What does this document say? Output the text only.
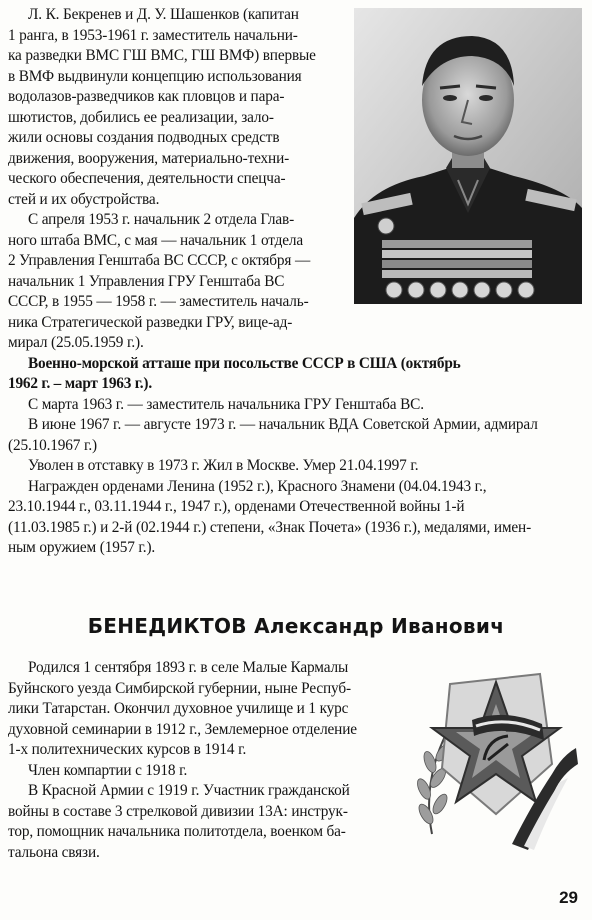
Л. К. Бекренев и Д. У. Шашенков (капитан

1 ранга, в 1953-1961 г. заместитель начальни-

ка разведки ВМС ГШ ВМС, ГШ ВМФ) впервые

в ВМФ выдвинули концепцию использования

водолазов-разведчиков как пловцов и пара-

шютистов, добились ее реализации, зало-

жили основы создания подводных средств

движения, вооружения, материально-техни-

ческого обеспечения, деятельности спецча-

стей и их обустройства.

С апреля 1953 г. начальник 2 отдела Глав-

ного штаба ВМС, с мая — начальник 1 отдела

2 Управления Генштаба ВС СССР, с октября —

начальник 1 Управления ГРУ Генштаба ВС

СССР, в 1955 — 1958 г. — заместитель началь-

ника Стратегической разведки ГРУ, вице-ад-

мирал (25.05.1959 г.).

Военно-морской атташе при посольстве СССР в США (октябрь

1962 г. – март 1963 г.).

С марта 1963 г. — заместитель начальника ГРУ Генштаба ВС.

В июне 1967 г. — августе 1973 г. — начальник ВДА Советской Армии, адмирал

(25.10.1967 г.)

Уволен в отставку в 1973 г. Жил в Москве. Умер 21.04.1997 г.

Награжден орденами Ленина (1952 г.), Красного Знамени (04.04.1943 г.,

23.10.1944 г., 03.11.1944 г., 1947 г.), орденами Отечественной войны 1-й

(11.03.1985 г.) и 2-й (02.1944 г.) степени, «Знак Почета» (1936 г.), медалями, имен-

ным оружием (1957 г.).

БЕНЕДИКТОВ Александр Иванович

Родился 1 сентября 1893 г. в селе Малые Кармалы

Буйнского уезда Симбирской губернии, ныне Респуб-

лики Татарстан. Окончил духовное училище и 1 курс

духовной семинарии в 1912 г., Землемерное отделение

1-х политехнических курсов в 1914 г.

Член компартии с 1918 г.

В Красной Армии с 1919 г. Участник гражданской

войны в составе 3 стрелковой дивизии 13А: инструк-

тор, помощник начальника политотдела, военком ба-

тальона связи.

29
